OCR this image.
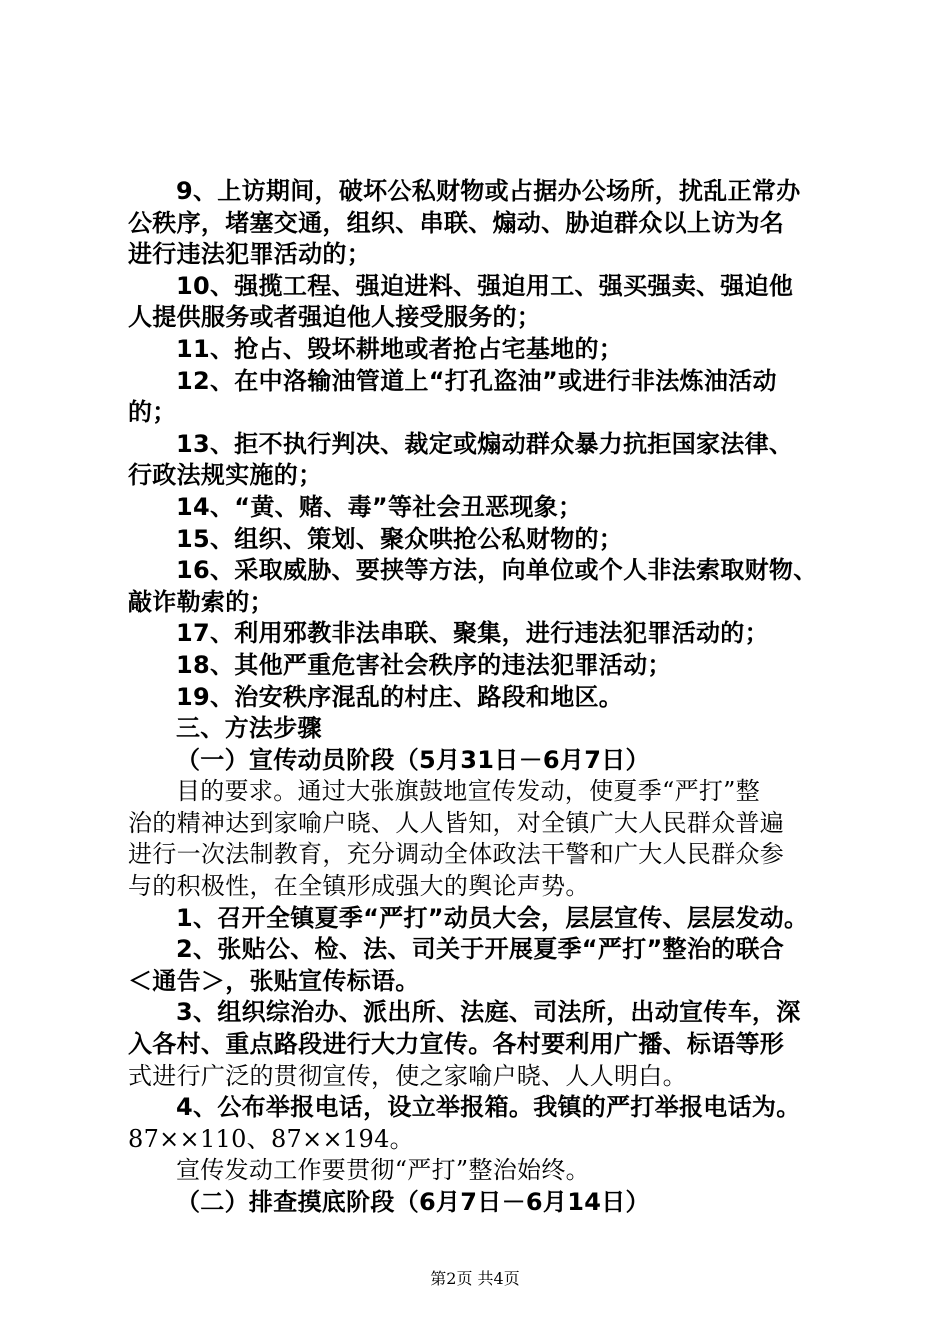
9、上访期间，破坏公私财物或占据办公场所，扰乱正常办
公秩序，堵塞交通，组织、串联、煽动、胁迫群众以上访为名
进行违法犯罪活动的；

10、强揽工程、强迫进料、强迫用工、强买强卖、强迫他
人提供服务或者强迫他人接受服务的；

11、抢占、毁坏耕地或者抢占宅基地的；

12、在中洛输油管道上“打孔盗油”或进行非法炼油活动
的；

13、拒不执行判决、裁定或煽动群众暴力抗拒国家法律、
行政法规实施的；

14、“黄、赌、毒”等社会丑恶现象；

15、组织、策划、聚众哄抢公私财物的；

16、采取威胁、要挟等方法，向单位或个人非法索取财物、
敲诈勒索的；

17、利用邪教非法串联、聚集，进行违法犯罪活动的；

18、其他严重危害社会秩序的违法犯罪活动；

19、治安秩序混乱的村庄、路段和地区。

三、方法步骤

（一）宣传动员阶段（5月31日－6月7日）

目的要求。通过大张旗鼓地宣传发动，使夏季“严打”整
治的精神达到家喻户晓、人人皆知，对全镇广大人民群众普遍
进行一次法制教育，充分调动全体政法干警和广大人民群众参
与的积极性，在全镇形成强大的舆论声势。

1、召开全镇夏季“严打”动员大会，层层宣传、层层发动。

2、张贴公、检、法、司关于开展夏季“严打”整治的联合
＜通告＞，张贴宣传标语。

3、组织综治办、派出所、法庭、司法所，出动宣传车，深
入各村、重点路段进行大力宣传。各村要利用广播、标语等形
式进行广泛的贯彻宣传，使之家喻户晓、人人明白。

4、公布举报电话，设立举报箱。我镇的严打举报电话为。
87××110、87××194。

宣传发动工作要贯彻“严打”整治始终。

（二）排查摸底阶段（6月7日－6月14日）

第2页 共4页
